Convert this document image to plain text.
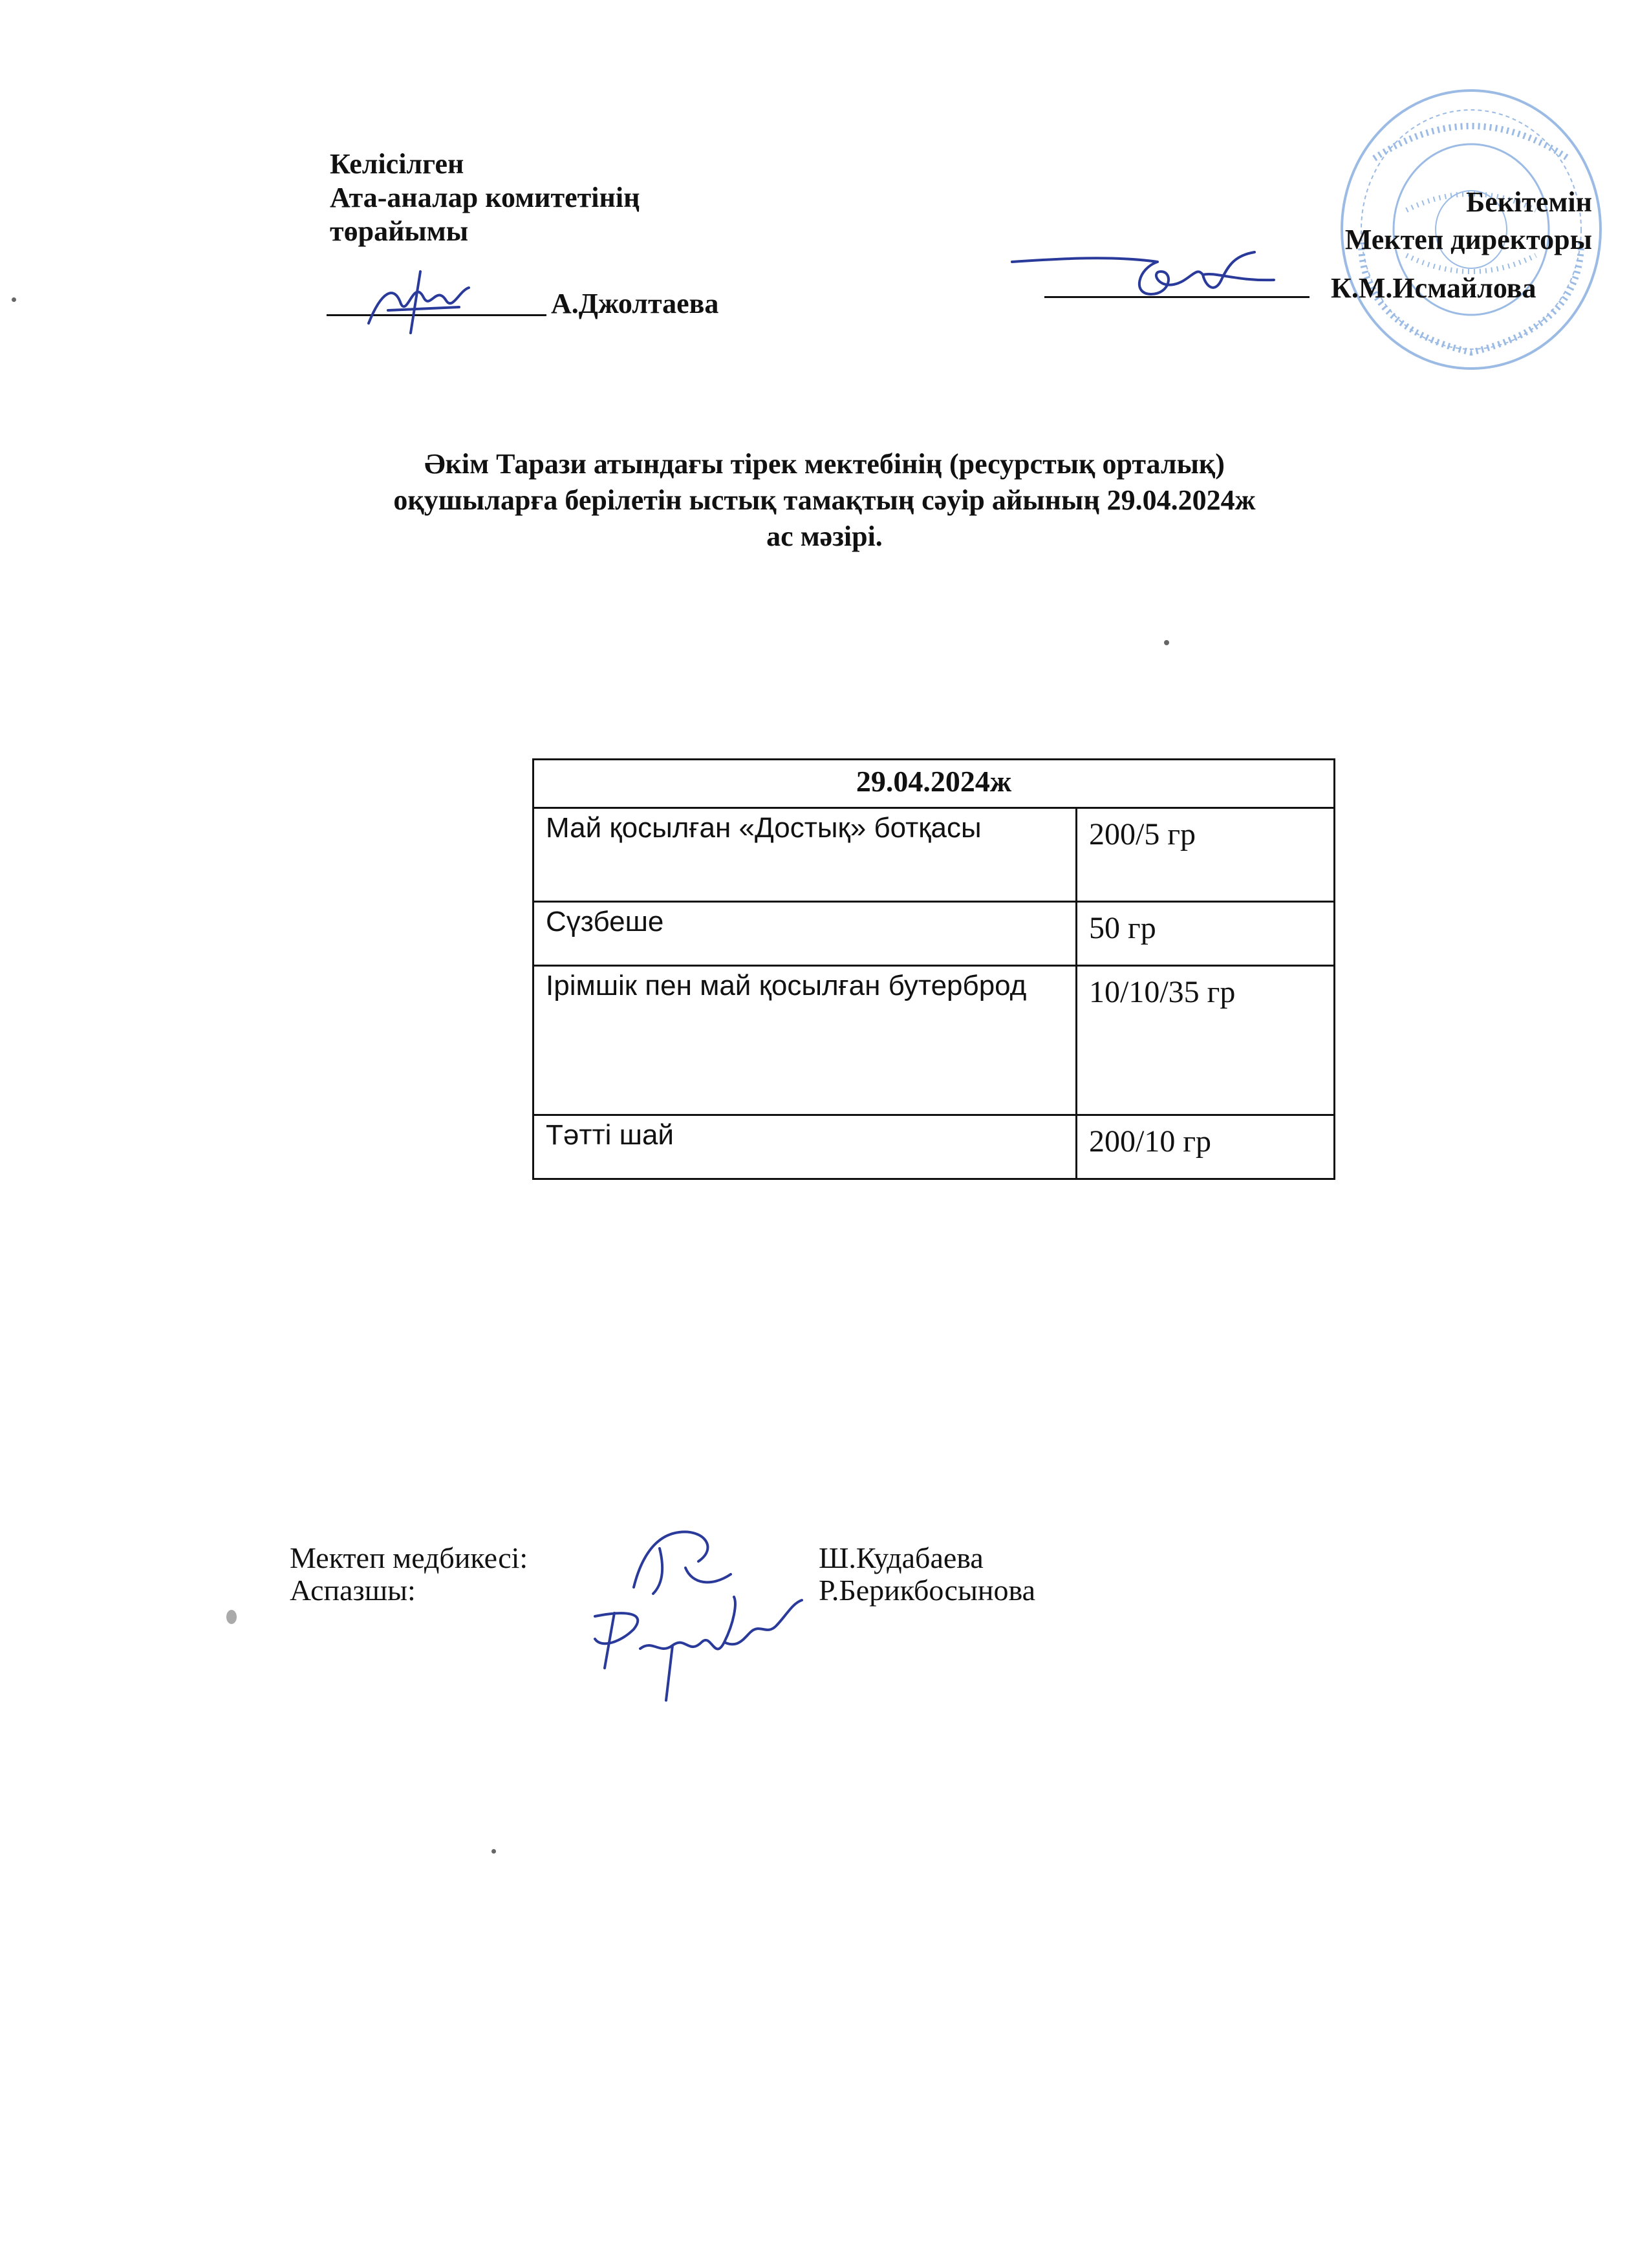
Келісілген
Ата-аналар комитетінің
төрайымы
А.Джолтаева
Бекітемін
Мектеп директоры
К.М.Исмайлова
Әкім Тарази атындағы тірек мектебінің (ресурстық орталық)
оқушыларға берілетін ыстық тамақтың сәуір айының 29.04.2024ж
ас мәзірі.
29.04.2024ж	
Май қосылған «Достық» ботқасы	200/5 гр
Сүзбеше	50 гр
Ірімшік пен май қосылған бутерброд	10/10/35 гр
Тәтті шай	200/10 гр
Мектеп медбикесі:	Ш.Кудабаева
Аспазшы:	Р.Берикбосынова
